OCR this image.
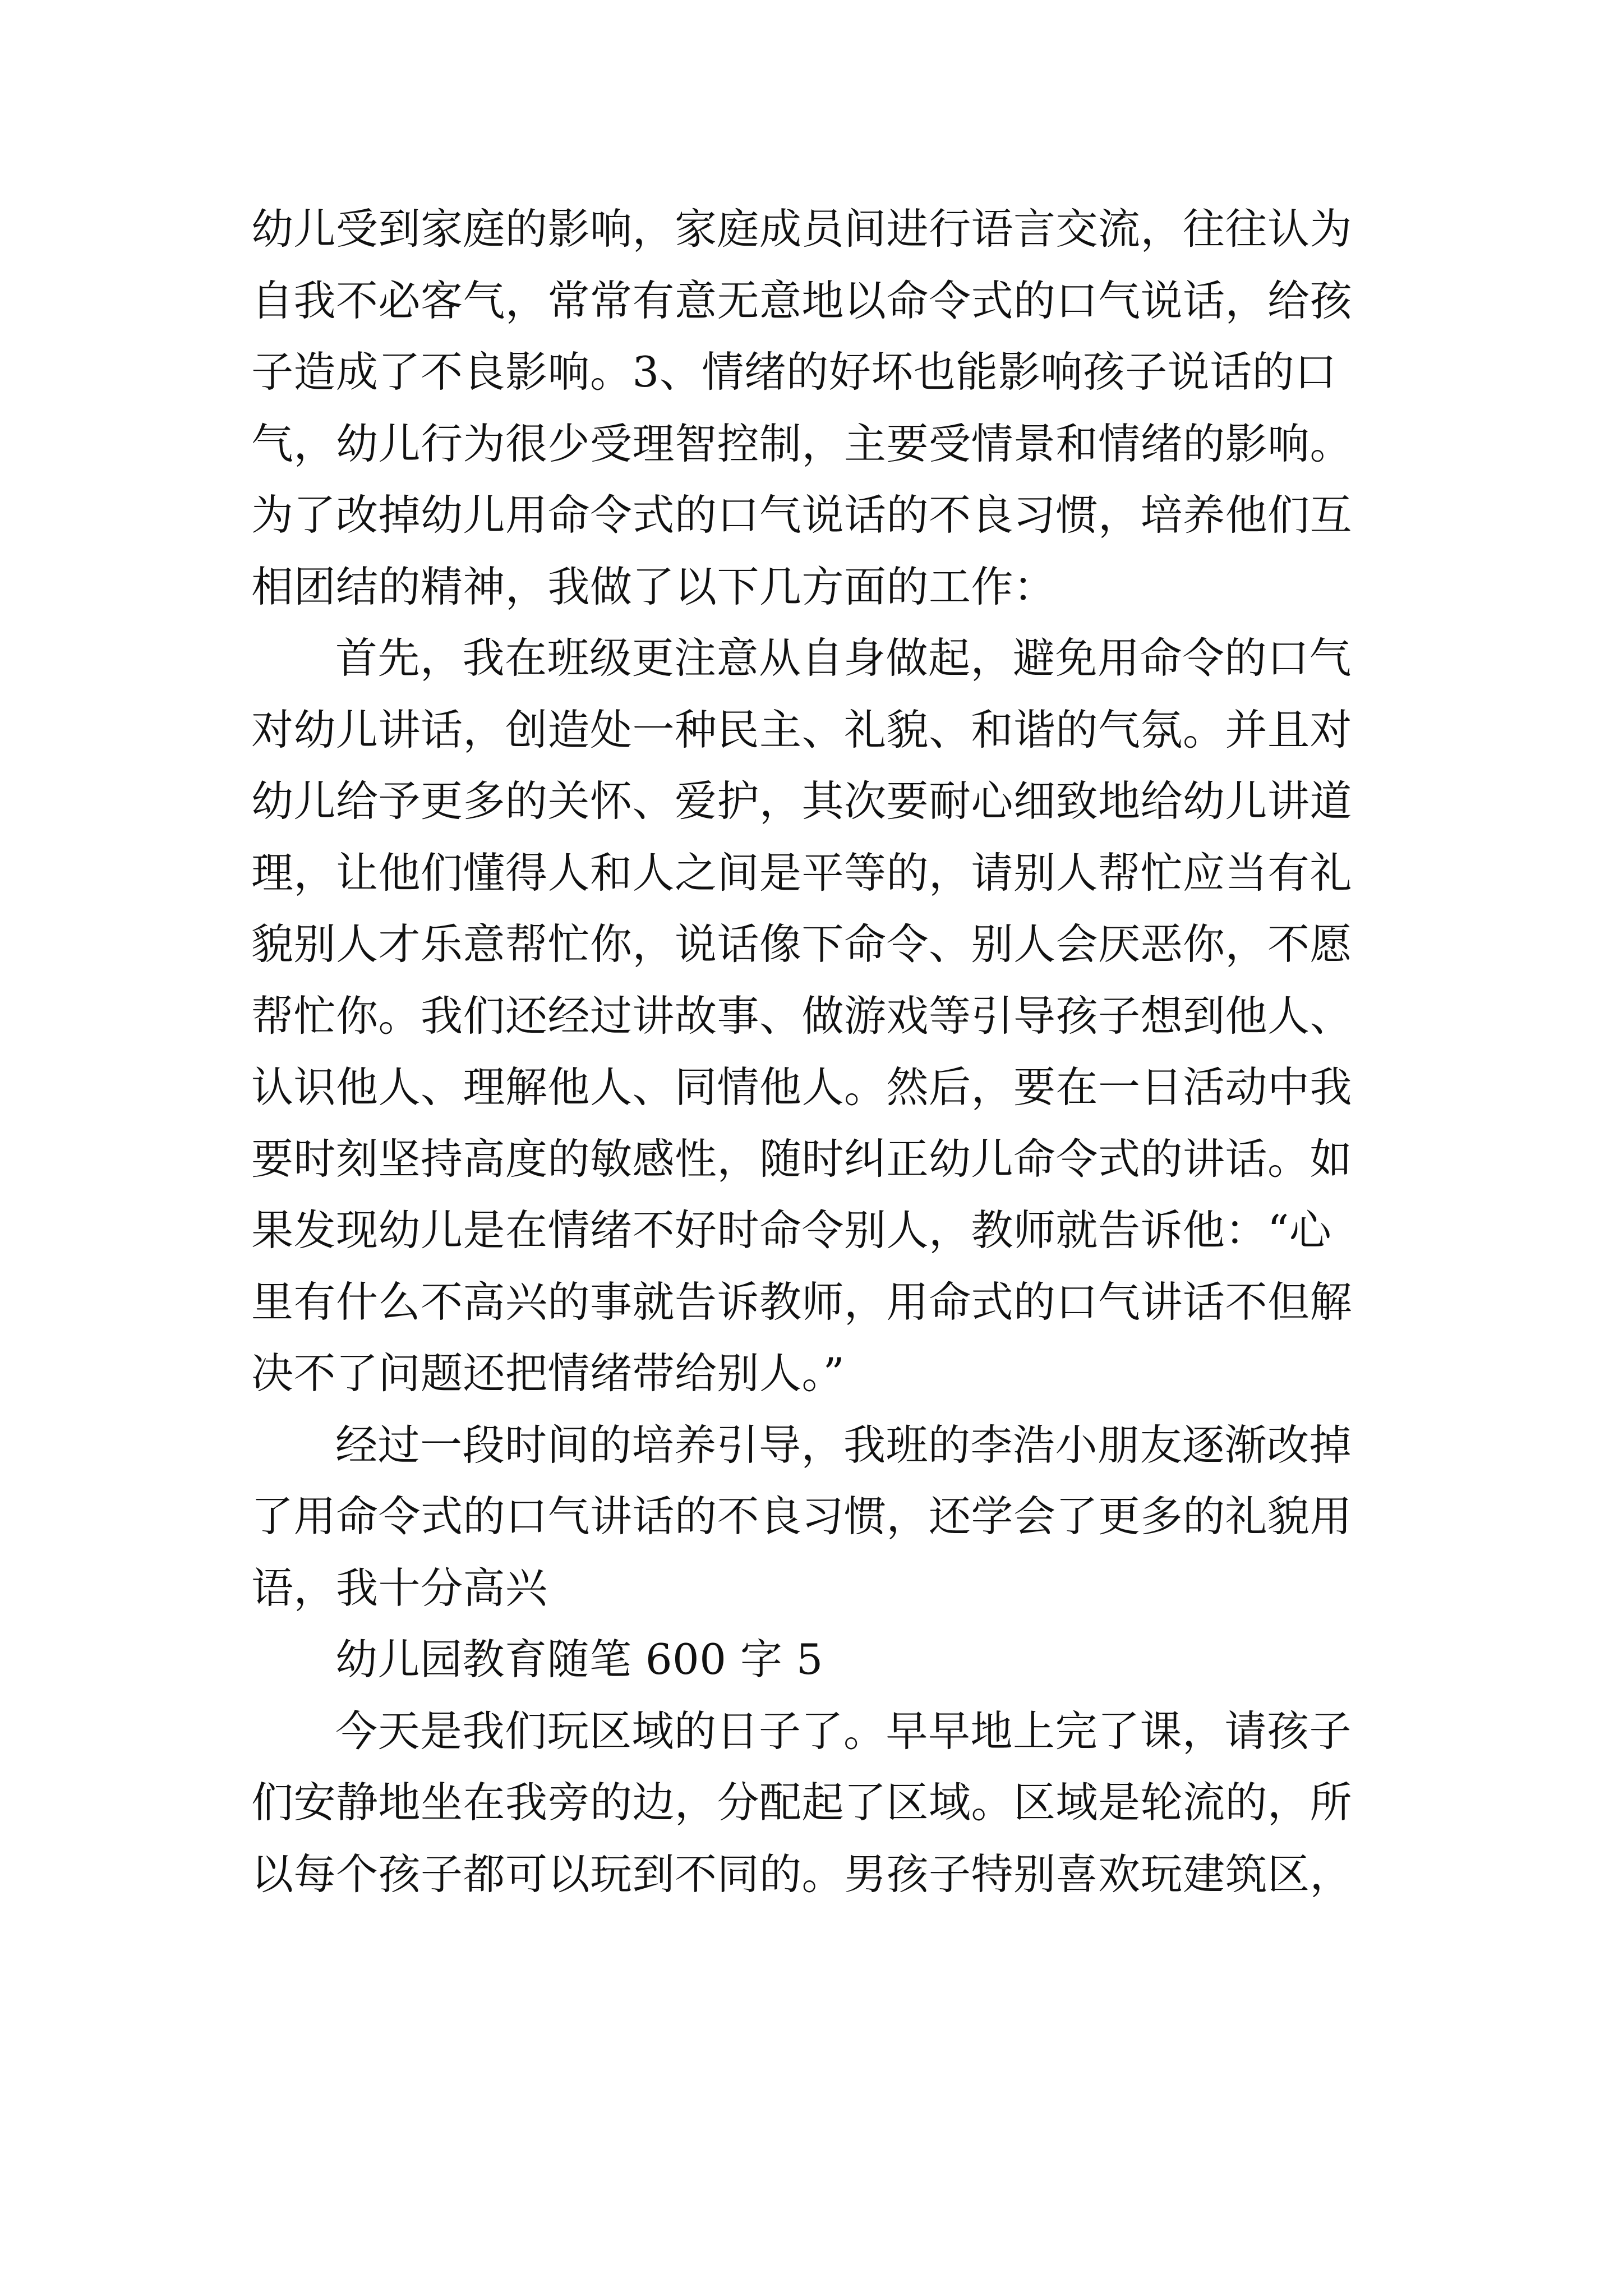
幼儿受到家庭的影响，家庭成员间进行语言交流，往往认为
自我不必客气，常常有意无意地以命令式的口气说话，给孩
子造成了不良影响。3、情绪的好坏也能影响孩子说话的口
气，幼儿行为很少受理智控制，主要受情景和情绪的影响。
为了改掉幼儿用命令式的口气说话的不良习惯，培养他们互
相团结的精神，我做了以下几方面的工作：
首先，我在班级更注意从自身做起，避免用命令的口气
对幼儿讲话，创造处一种民主、礼貌、和谐的气氛。并且对
幼儿给予更多的关怀、爱护，其次要耐心细致地给幼儿讲道
理，让他们懂得人和人之间是平等的，请别人帮忙应当有礼
貌别人才乐意帮忙你，说话像下命令、别人会厌恶你，不愿
帮忙你。我们还经过讲故事、做游戏等引导孩子想到他人、
认识他人、理解他人、同情他人。然后，要在一日活动中我
要时刻坚持高度的敏感性，随时纠正幼儿命令式的讲话。如
果发现幼儿是在情绪不好时命令别人，教师就告诉他：“心
里有什么不高兴的事就告诉教师，用命式的口气讲话不但解
决不了问题还把情绪带给别人。”
经过一段时间的培养引导，我班的李浩小朋友逐渐改掉
了用命令式的口气讲话的不良习惯，还学会了更多的礼貌用
语，我十分高兴
幼儿园教育随笔 600 字 5
今天是我们玩区域的日子了。早早地上完了课，请孩子
们安静地坐在我旁的边，分配起了区域。区域是轮流的，所
以每个孩子都可以玩到不同的。男孩子特别喜欢玩建筑区，
